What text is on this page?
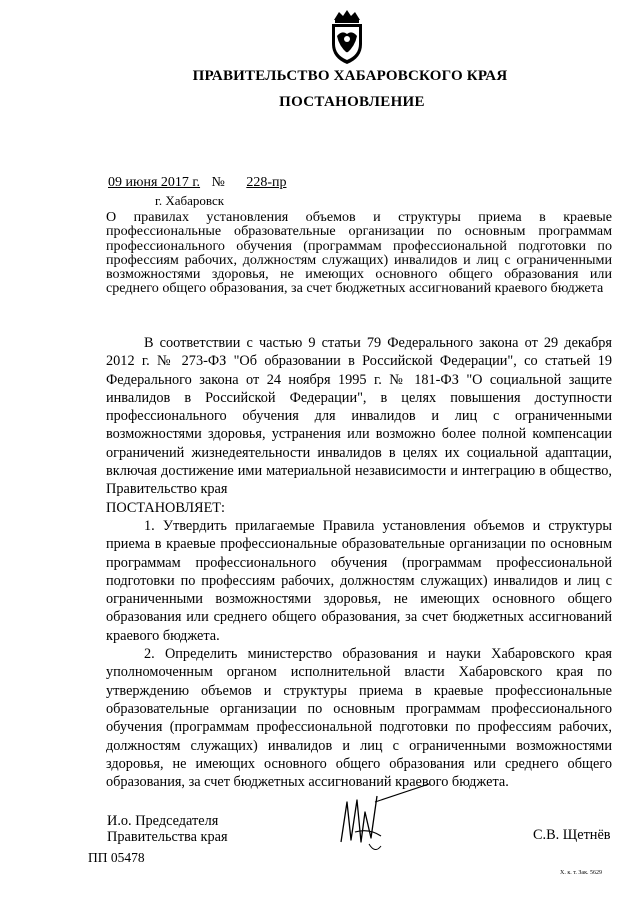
ПРАВИТЕЛЬСТВО ХАБАРОВСКОГО КРАЯ
ПОСТАНОВЛЕНИЕ
09 июня 2017 г. № 228-пр
г. Хабаровск
О правилах установления объемов и структуры приема в краевые профессиональные образовательные организации по основным программам профессионального обучения (программам профессиональной подготовки по профессиям рабочих, должностям служащих) инвалидов и лиц с ограниченными возможностями здоровья, не имеющих основного общего образования или среднего общего образования, за счет бюджетных ассигнований краевого бюджета

В соответствии с частью 9 статьи 79 Федерального закона от 29 декабря 2012 г. № 273-ФЗ "Об образовании в Российской Федерации", со статьей 19 Федерального закона от 24 ноября 1995 г. № 181-ФЗ "О социальной защите инвалидов в Российской Федерации", в целях повышения доступности профессионального обучения для инвалидов и лиц с ограниченными возможностями здоровья, устранения или возможно более полной компенсации ограничений жизнедеятельности инвалидов в целях их социальной адаптации, включая достижение ими материальной независимости и интеграцию в общество, Правительство края

ПОСТАНОВЛЯЕТ:

1. Утвердить прилагаемые Правила установления объемов и структуры приема в краевые профессиональные образовательные организации по основным программам профессионального обучения (программам профессиональной подготовки по профессиям рабочих, должностям служащих) инвалидов и лиц с ограниченными возможностями здоровья, не имеющих основного общего образования или среднего общего образования, за счет бюджетных ассигнований краевого бюджета.

2. Определить министерство образования и науки Хабаровского края уполномоченным органом исполнительной власти Хабаровского края по утверждению объемов и структуры приема в краевые профессиональные образовательные организации по основным программам профессионального обучения (программам профессиональной подготовки по профессиям рабочих, должностям служащих) инвалидов и лиц с ограниченными возможностями здоровья, не имеющих основного общего образования или среднего общего образования, за счет бюджетных ассигнований краевого бюджета.

И.о. Председателя
Правительства края	С.В. Щетнёв
ПП 05478
Х. к. т. Зак. 5629
